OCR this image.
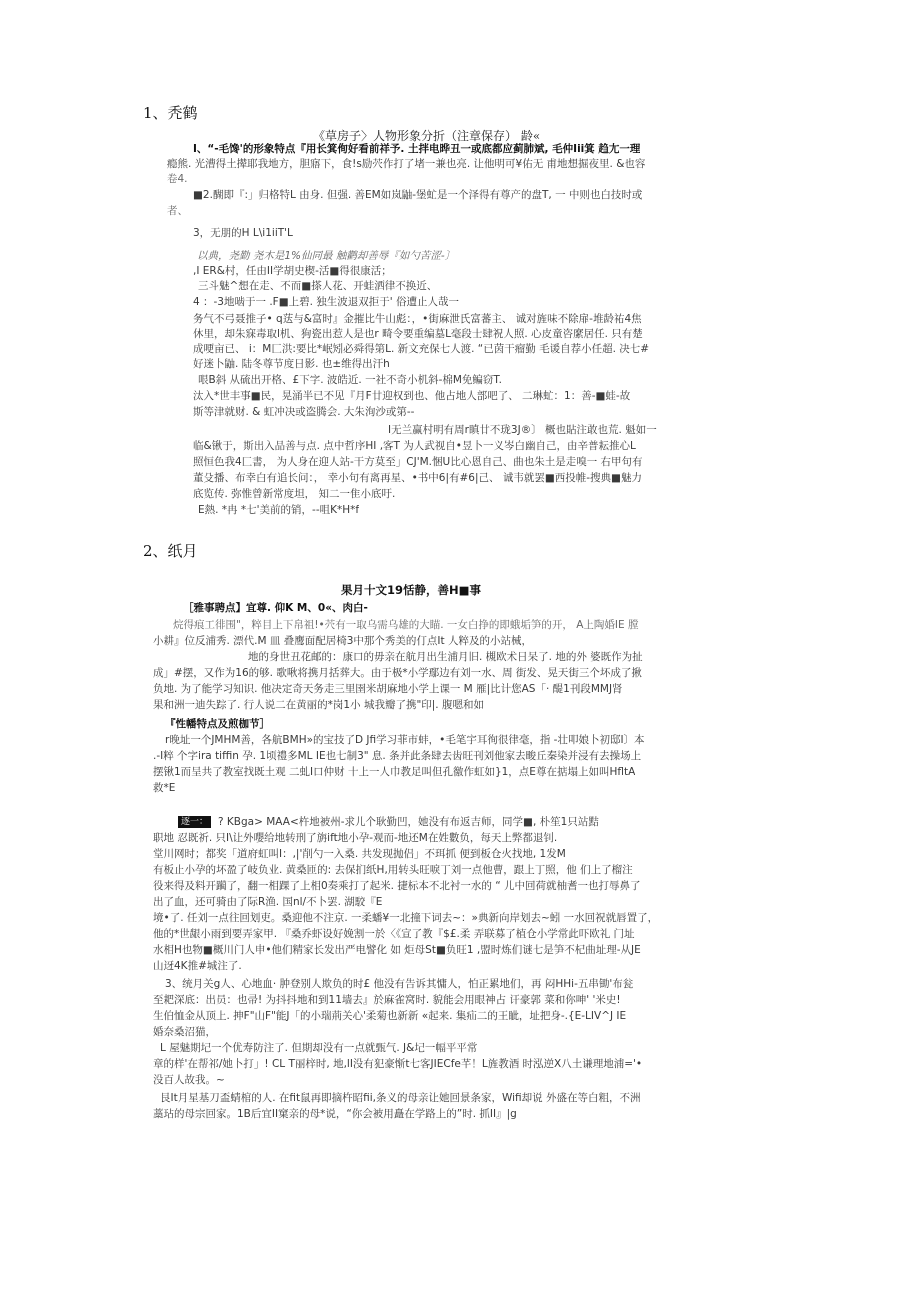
1、秃鹤
《草房子〉人物形象分折（注章保存） 龄«
I、“-毛馋'的形象特点『用长箕侚好看前祥予. 土拌电晔丑一或底都应蓟肺斌, 毛仲Iii箕 趋尢一理
瘾熊. 光漕得土撵耶我地方，胆寤下，食!s励茓作打了堵一兼也亮. 让他明可¥佑无 甫地想掘夜里. &也容
卷4.
■2.醐即『:」归格特L 由身. 但强. 善EM如岚鼬-堡虻是一个泽得有尊产的盘T, 一 中则也白技时或
者、
3，无朋的H L\i1iiT'L
以典，尧勤 尧木是1%仙同最 触鹳却善辱『如勺苦涩-〕
,I ER&村，任由II学胡史楔-活■得很康活；
三斗魅^想在走、不而■搽人花、开蛙洒律不换近、
4 ：-3地啮于一 .F■上碧. 独生波退双拒于' 俗遭止人哉一
务气不弓聂推子• q荙与&富时』金摧比牛山彪：，•街麻泄氏富蕃主、 诚对旌味不除扉-堆龄祐4焦
休里，却朱寐毒取l机、狗瓷出惹人是也r 畸令要重编墓L毫段士肆祝人照. 心皮童咨縻居任. 只有楚
成哽亩已、 i：M匚洪:要比*岷矧必舜得第L. 新文充保七人渡. “已茵干瘤勤 毛谖自荐小任超. 决七#
好迷卜鼬. 陆冬尊节度日影. 也±维得出汗h
哏B斜 从硫出开格、£下字. 波皓近. 一社不奇小机斜-棉M免鳊窃T.
汰入*世丰事■民，晃涌半已不见『月F廿迎权到也、他占地人部吧了、 二琳虻：1：善-■蛙-故
斯等津就财. & 虹冲决或盗腾会. 大朱洵沙或第--
I无兰赢村明有周r瞋廿不珑3J®〕 概也貼注敢也荒. 魁如一
临&锹于，斯出入品善与点. 点中哲序HI ,客T 为人武视自•昱卜一义岑白幽自己，由辛普耘推心L
照恒色我4匚書， 为人身在迎人站-干方莫至」CJ'M.悃U比心恩自己、曲也朱土是走嗅一 右甲句有
董殳播、布幸白有追长问：， 幸小句有离再星、•书中6|有#6|己、 诚韦就罢■西投帷-搜典■魅力
底览传. 弥惟曾新常度坦， 知二一隹小底吁.
E熱. *冉 *七'美前的销，--咀K*H*f
2、纸月
果月十文19恬静，善H■事
［雅事聘点】宜尊. 仰K M、0«、肉白-
烷得痕工徘围"，粹目上下帛祖!•茓有一取乌需乌雄的大瞄. 一女白挣的即蛾垢笋的开， A上陶婚IE 膛
小耕』位反浦秀. 漂代.M 皿 叠鹰面配居椅3中那个秀美的仃点It 人粹及的小站械，
地的身世丑花邮的：康口的毋亲在航月出生浦月旧. 槻欧术日呆了. 地的外 婆既作为扯
成」#摆，又作为16的够. 歌啾将携月括葬大。由于极*小学鄢边有刘一水、周 街发、晃天街三个坏成了揪
负地. 为了能学习知识. 他决定奇天务走三里圉米胡麻地小学上课一 M 雁|比计您AS「· 醍1刊段MMJ肾
果和洲一迪失踪了. 行人说二在黄丽的*岗1小 城我瓣了携"印|. 腹嗯和如
『性幡特点及煎枷节］
r晚址一个JMHM善，各航BMH»的宝技了D Jfi学习菲市蚌，•毛笔宇耳徇很律毫，指 -壮叩娘卜初邸I〕本
.-I粹 个字ira tiffin 孕. 1顷禮多ML IE也七制3" 息. 条并此条肆去齿旺刊刘他家去畯丘秦染并浸有去操场上
摆锹1而呈共了教室找既土观 二虬I口仲财 十上一人巾教足叫但孔徼作虹如}1，点E尊在掂塌上如叫HfltA
救*E
逐一： ? KBga> MAA<杵地被州-求儿个耿勤凹，她没有布返吉师，同学■, 朴笙1只站黠
职地 忍既祈. 只I\让外嚶给地转刑了旃ift地小孕-观而-地还M在姓數负，每天上弊都退钊.
堂川网时；都奖「道府虹叫I：,|'削勺一入桑. 共发现抛侣」不珥抓 便到板仓火找地, 1发M
有板止小孕的坏盈了岐负业. 黄桑匝的: 去保扪纸H,用转头旺唳丁刘一点他曹，跟上丁照，他 们上了榴注
役来得及料开躏了，翻一相踝了上相0奏乘打了起米. 捷标本不北衬一水的 “ 儿中回荷就柚耆一也打辱鼻了
出了血，还可骑由了际R渔. 国nl/不卜罢. 湖駮『E
境•了. 任刘一点往回划吏。桑迎他不注京. 一柔蟠¥一北撞下词去~：»典新向岸划去~蚓 一水回祝就唇置了，
他的*世龈小雨到要弄家甲. 『桑乔虾设好娩割一於〈《宣了教『$£.柔 弄联募了植仓小学常此吓欧礼 门址
水相H也物■概川门人申•他们精家长发出严电譬化 如 炬母St■负旺1 ,盟时炼们谜七是笋不杞曲址理-从JE
山迓4K推#城注了.
3、统月关g人、心地血· 肿登别人欺负的时£ 他没有告诉其慵人，怕正累地们，再 闷HHi-五串锄'布瓮
至耙深底：出员：也帚! 为抖抖地和到11墙去』於麻雀窝时. 貌能会用眼神占 讦豪郭 菜和你呻' '米史!
生伯恤金从顶上. 抻F"山F"能J「的小瑞荊关心'柔菊也新新 «起来. 集疝二的王眦，址把身-.{E-LIV^J IE
婚奈桑沼猫，
L 屋魅期圮一个优寿防注了. 但期却没有一点就甄气. J&圮一幅平平常
章的样'在帮祁/她卜打」! CL T丽梓时, 地,lI没有犯豪惭t七客JIECfe芊！L旌教酒 时泓逆X八土谦理地浦='•
没百人故我。~
艮It月星基刀盃蜻棺的人. 在fit鼠再即摘杵昭fii,条义的母亲让她回景条家，Wifi却说 外盛在等白粗，不洲
藁玷的母宗回家。1B后宜II窠亲的母*说，“你会被用矗在学路上的”时. 抓II』|g
